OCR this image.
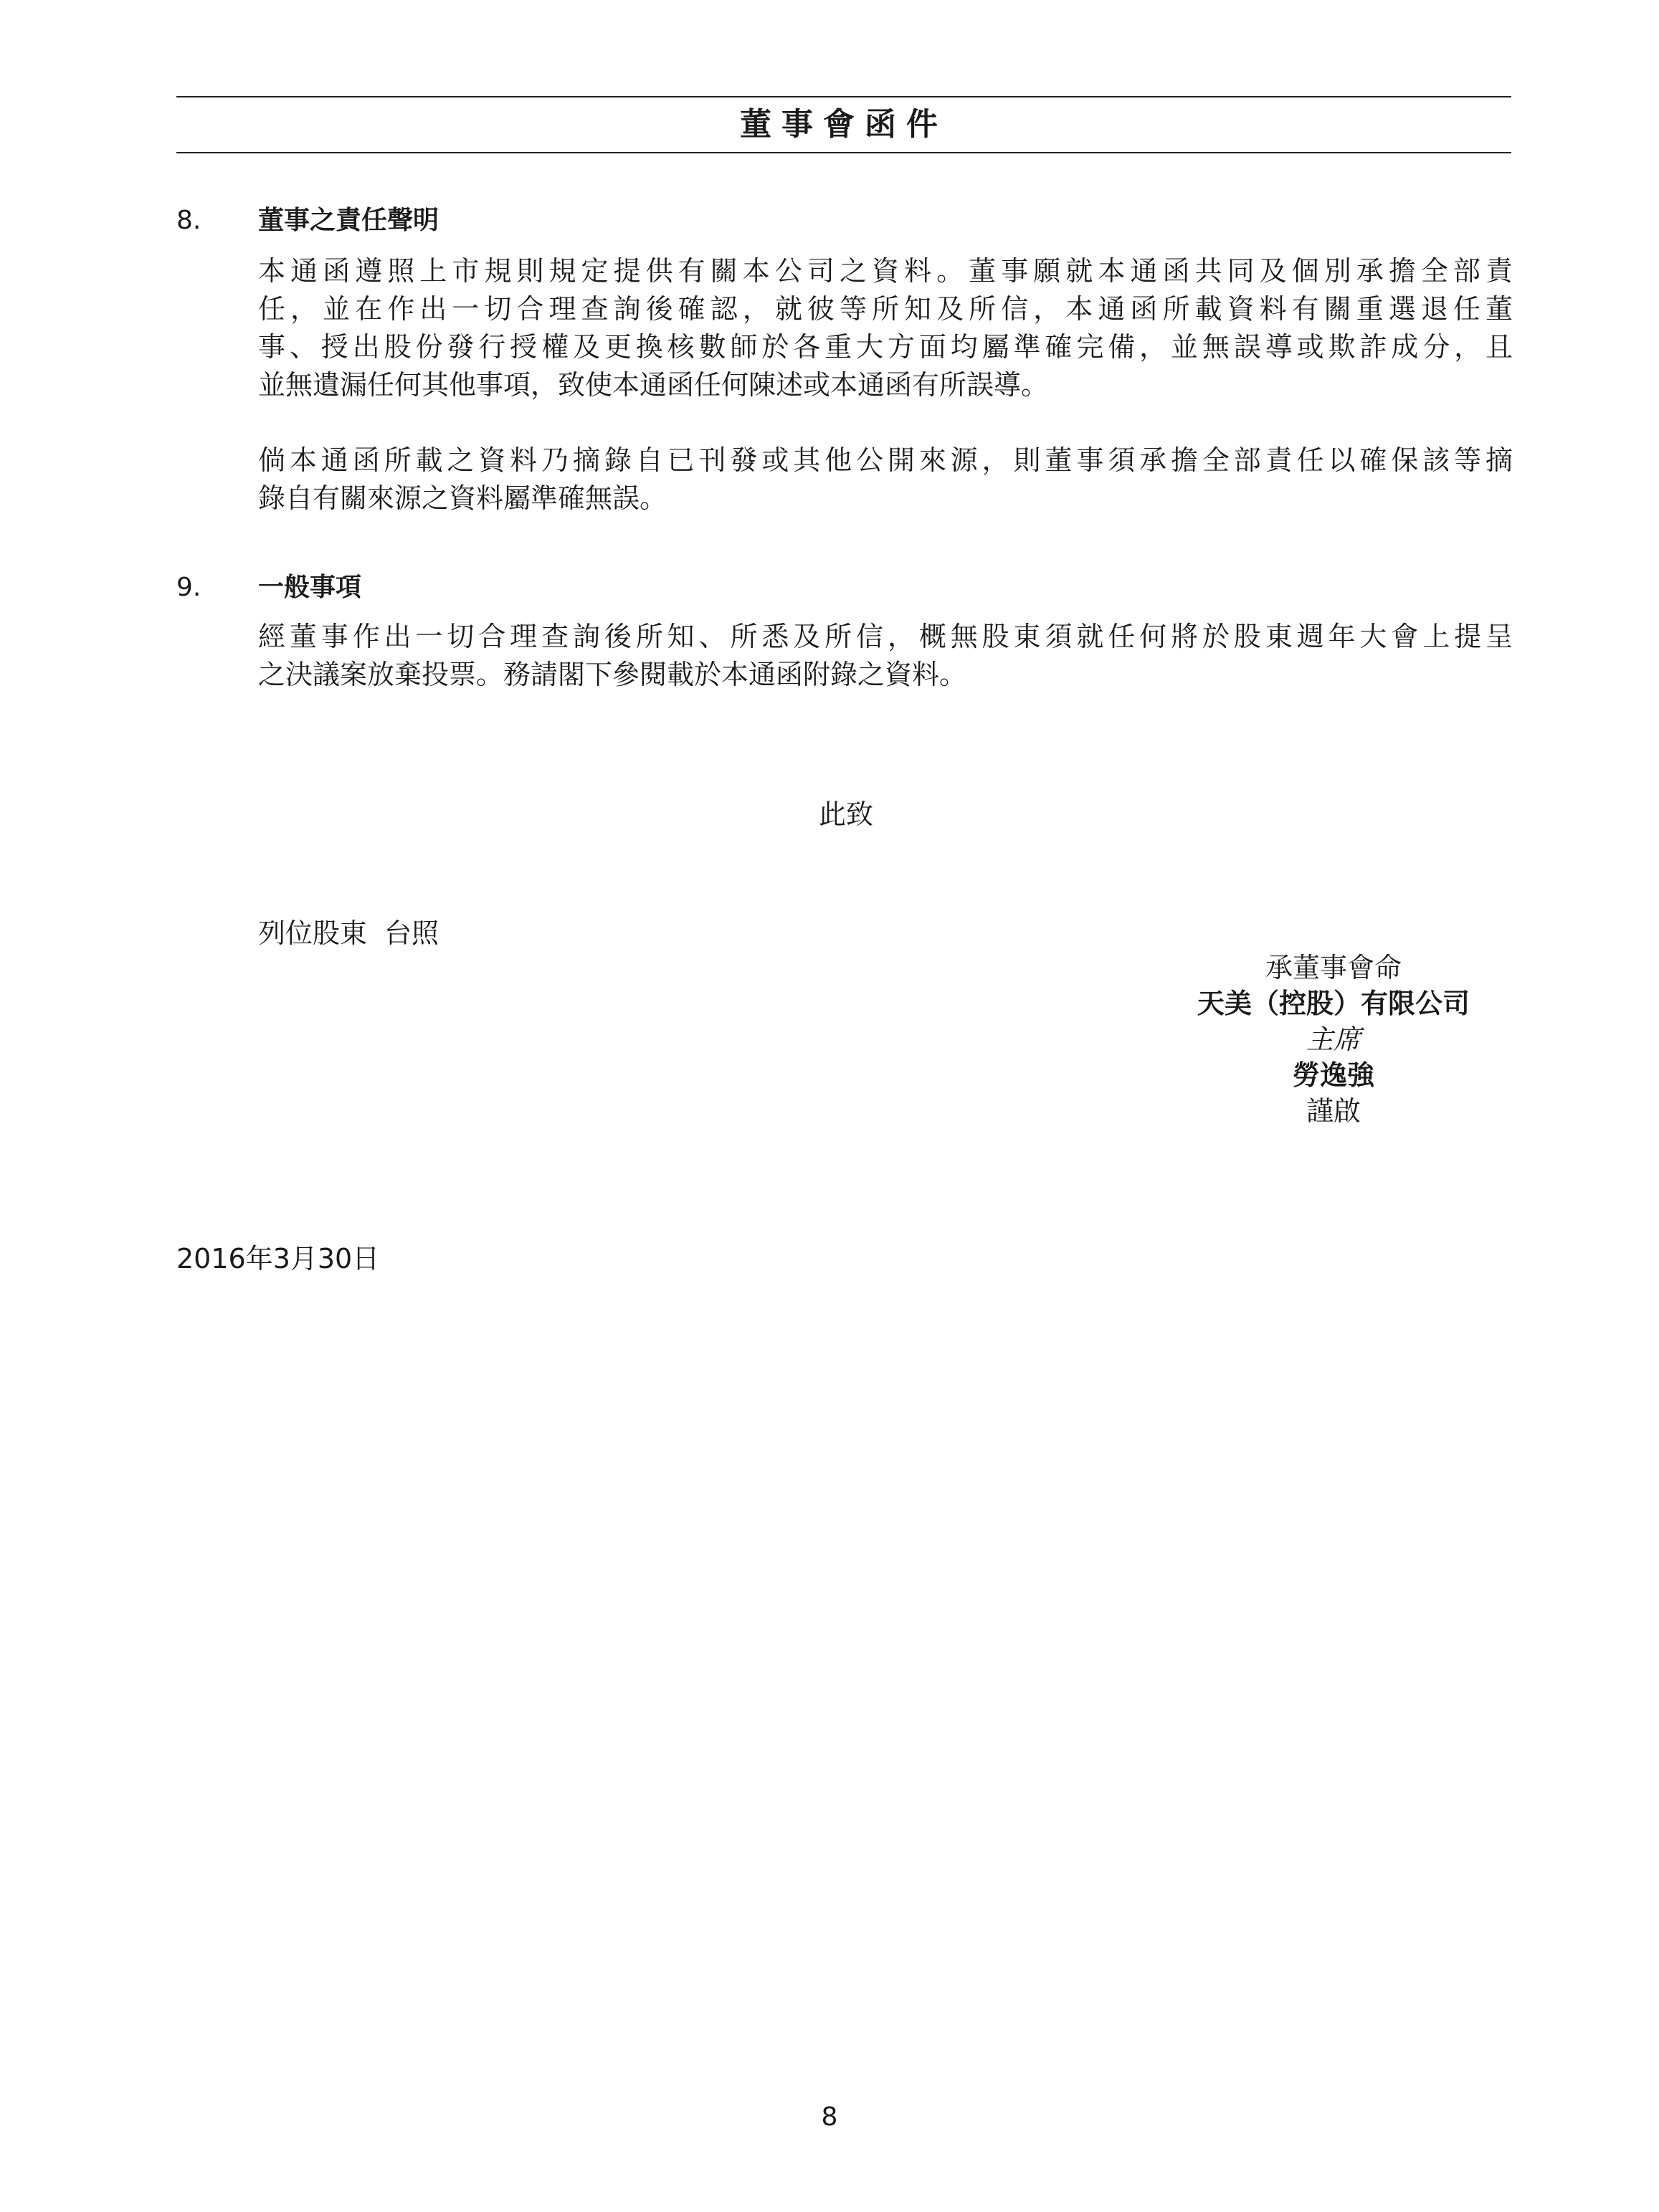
董事會函件
8. 董事之責任聲明
本通函遵照上市規則規定提供有關本公司之資料。董事願就本通函共同及個別承擔全部責
任，並在作出一切合理查詢後確認，就彼等所知及所信，本通函所載資料有關重選退任董
事、授出股份發行授權及更換核數師於各重大方面均屬準確完備，並無誤導或欺詐成分，且
並無遺漏任何其他事項，致使本通函任何陳述或本通函有所誤導。
倘本通函所載之資料乃摘錄自已刊發或其他公開來源，則董事須承擔全部責任以確保該等摘
錄自有關來源之資料屬準確無誤。
9. 一般事項
經董事作出一切合理查詢後所知、所悉及所信，概無股東須就任何將於股東週年大會上提呈
之決議案放棄投票。務請閣下參閱載於本通函附錄之資料。
此致
列位股東 台照
承董事會命
天美（控股）有限公司
主席
勞逸強
謹啟
2016年3月30日
8
